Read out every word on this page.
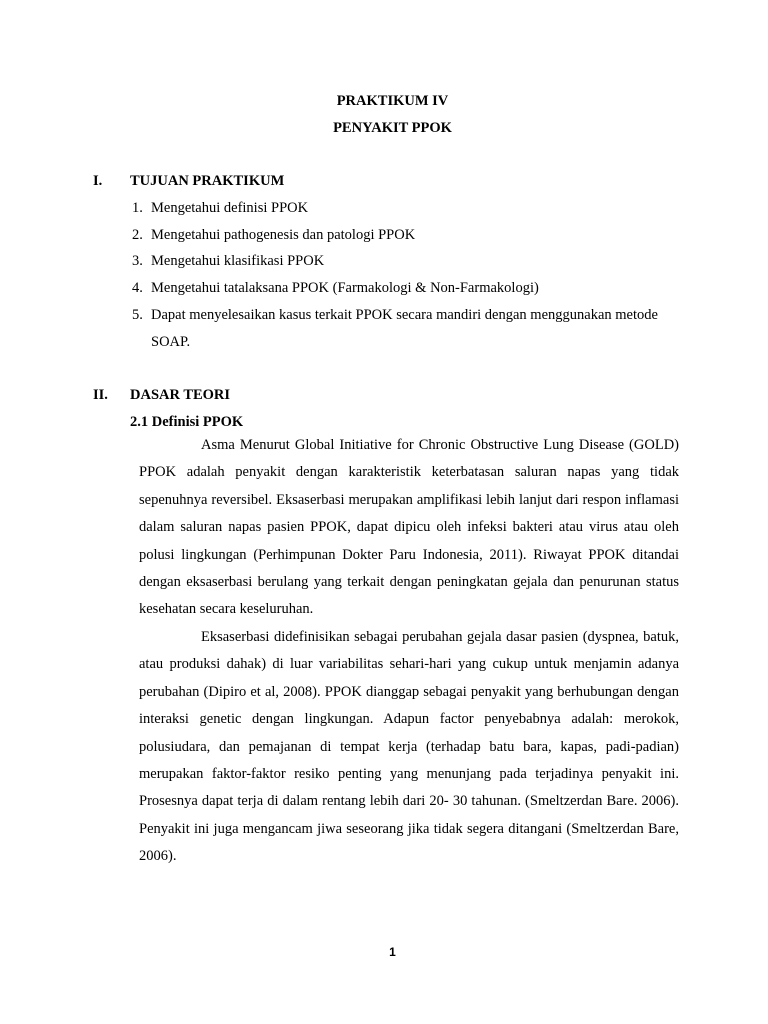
PRAKTIKUM IV
PENYAKIT PPOK
I. TUJUAN PRAKTIKUM
1. Mengetahui definisi PPOK
2. Mengetahui pathogenesis dan patologi PPOK
3. Mengetahui klasifikasi PPOK
4. Mengetahui tatalaksana PPOK (Farmakologi & Non-Farmakologi)
5. Dapat menyelesaikan kasus terkait PPOK secara mandiri dengan menggunakan metode
SOAP.
II. DASAR TEORI
2.1 Definisi PPOK

Asma Menurut Global Initiative for Chronic Obstructive Lung Disease (GOLD) PPOK adalah penyakit dengan karakteristik keterbatasan saluran napas yang tidak sepenuhnya reversibel. Eksaserbasi merupakan amplifikasi lebih lanjut dari respon inflamasi dalam saluran napas pasien PPOK, dapat dipicu oleh infeksi bakteri atau virus atau oleh polusi lingkungan (Perhimpunan Dokter Paru Indonesia, 2011). Riwayat PPOK ditandai dengan eksaserbasi berulang yang terkait dengan peningkatan gejala dan penurunan status kesehatan secara keseluruhan.

Eksaserbasi didefinisikan sebagai perubahan gejala dasar pasien (dyspnea, batuk, atau produksi dahak) di luar variabilitas sehari-hari yang cukup untuk menjamin adanya perubahan (Dipiro et al, 2008). PPOK dianggap sebagai penyakit yang berhubungan dengan interaksi genetic dengan lingkungan. Adapun factor penyebabnya adalah: merokok, polusiudara, dan pemajanan di tempat kerja (terhadap batu bara, kapas, padi-padian) merupakan faktor-faktor resiko penting yang menunjang pada terjadinya penyakit ini. Prosesnya dapat terja di dalam rentang lebih dari 20- 30 tahunan. (Smeltzerdan Bare. 2006). Penyakit ini juga mengancam jiwa seseorang jika tidak segera ditangani (Smeltzerdan Bare, 2006).

1
